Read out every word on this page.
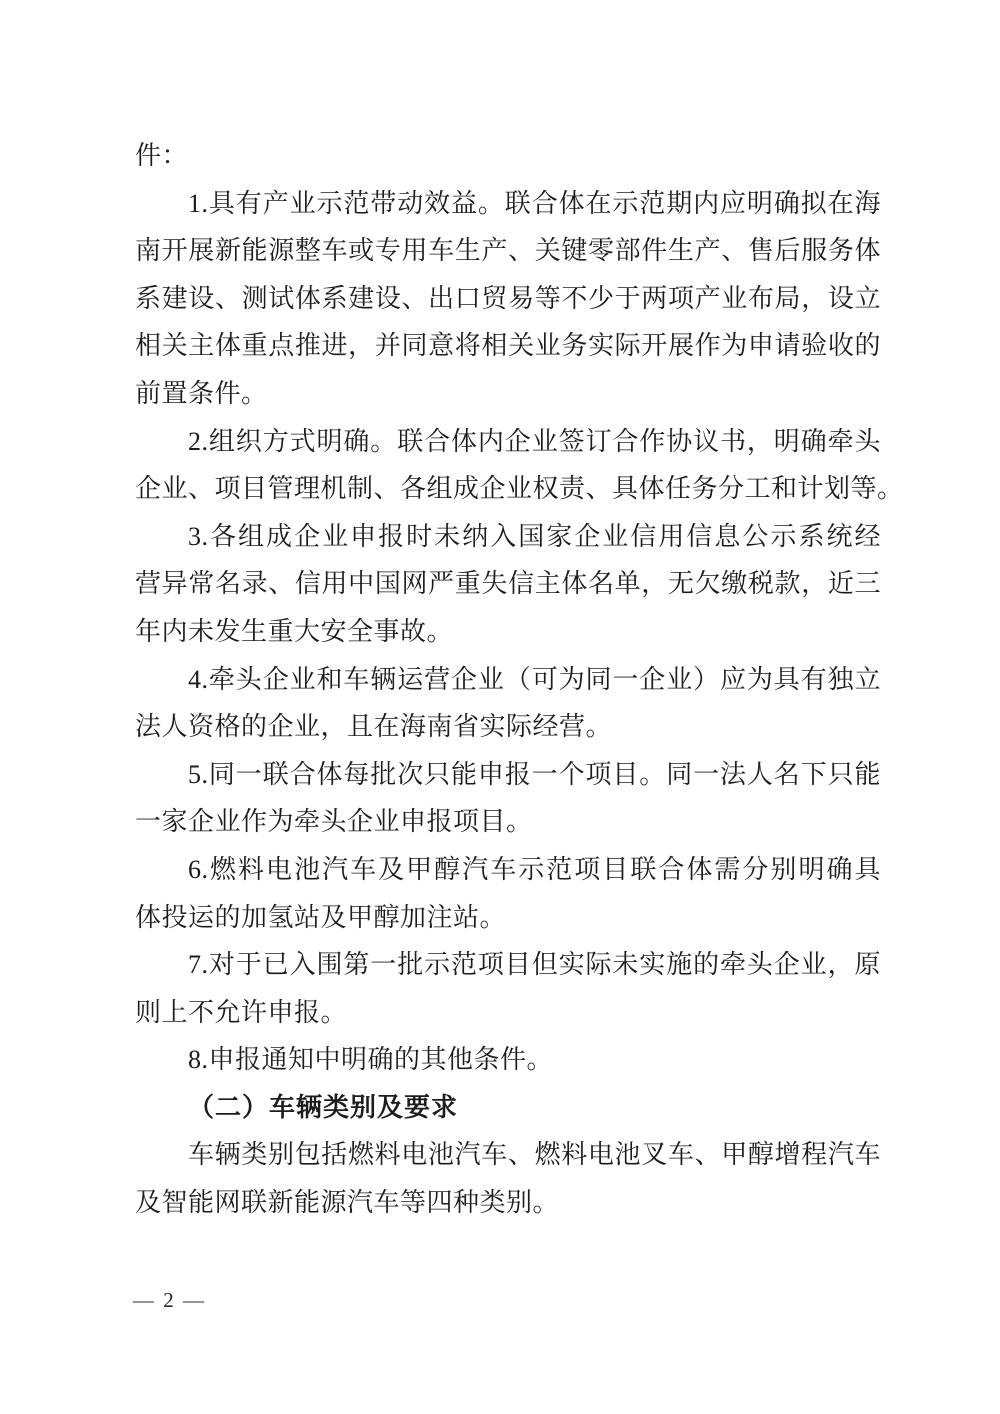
件：
1.具有产业示范带动效益。联合体在示范期内应明确拟在海
南开展新能源整车或专用车生产、关键零部件生产、售后服务体
系建设、测试体系建设、出口贸易等不少于两项产业布局，设立
相关主体重点推进，并同意将相关业务实际开展作为申请验收的
前置条件。
2.组织方式明确。联合体内企业签订合作协议书，明确牵头
企业、项目管理机制、各组成企业权责、具体任务分工和计划等。
3.各组成企业申报时未纳入国家企业信用信息公示系统经
营异常名录、信用中国网严重失信主体名单，无欠缴税款，近三
年内未发生重大安全事故。
4.牵头企业和车辆运营企业（可为同一企业）应为具有独立
法人资格的企业，且在海南省实际经营。
5.同一联合体每批次只能申报一个项目。同一法人名下只能
一家企业作为牵头企业申报项目。
6.燃料电池汽车及甲醇汽车示范项目联合体需分别明确具
体投运的加氢站及甲醇加注站。
7.对于已入围第一批示范项目但实际未实施的牵头企业，原
则上不允许申报。
8.申报通知中明确的其他条件。
（二）车辆类别及要求
车辆类别包括燃料电池汽车、燃料电池叉车、甲醇增程汽车
及智能网联新能源汽车等四种类别。
— 2 —
